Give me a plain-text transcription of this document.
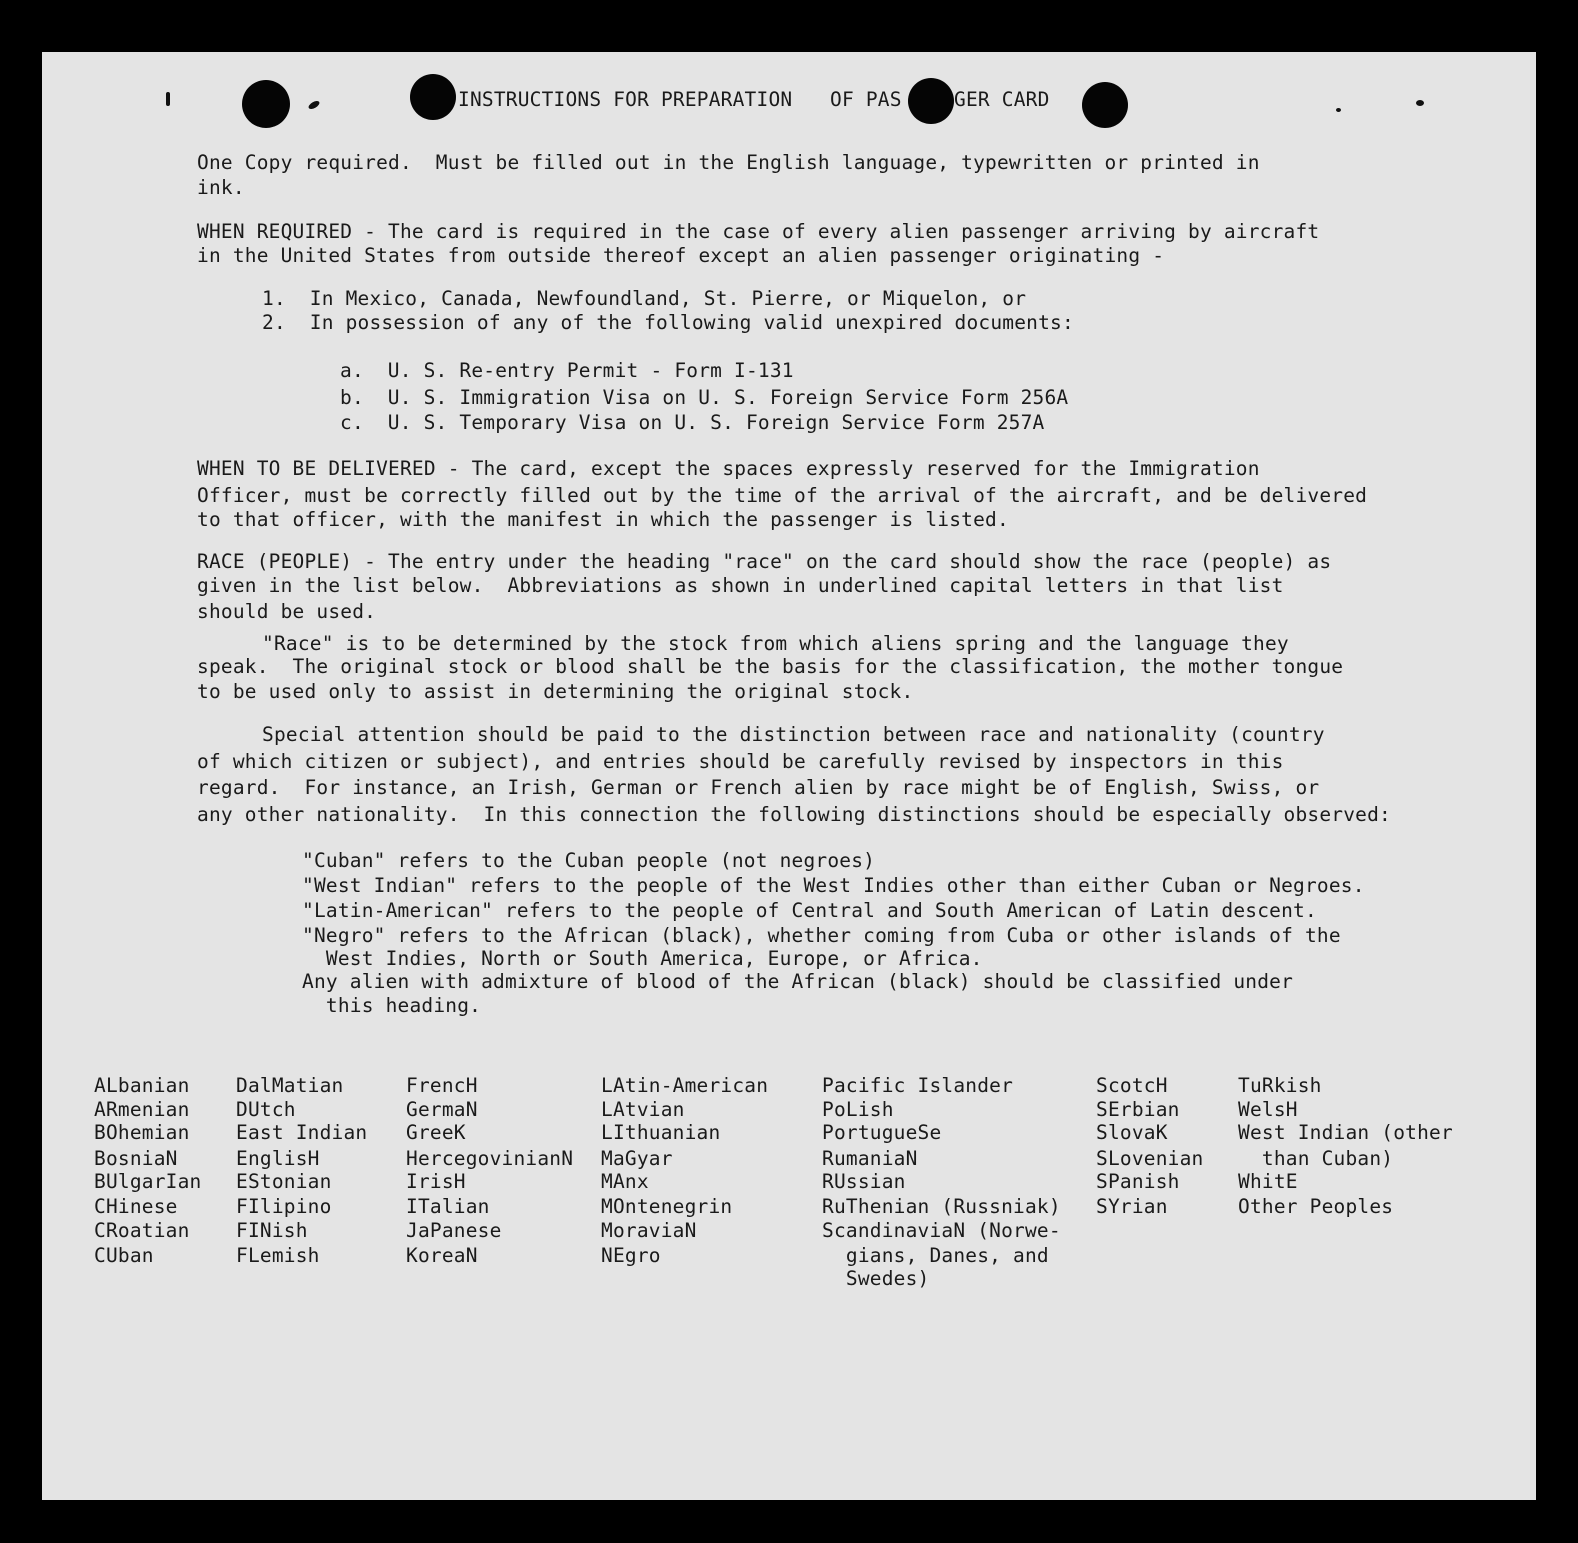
INSTRUCTIONS FOR PREPARATION OF PAS	GER CARD
One Copy required.  Must be filled out in the English language, typewritten or printed in
ink.
WHEN REQUIRED - The card is required in the case of every alien passenger arriving by aircraft
in the United States from outside thereof except an alien passenger originating -
1.  In Mexico, Canada, Newfoundland, St. Pierre, or Miquelon, or
2.  In possession of any of the following valid unexpired documents:
a.  U. S. Re-entry Permit - Form I-131
b.  U. S. Immigration Visa on U. S. Foreign Service Form 256A
c.  U. S. Temporary Visa on U. S. Foreign Service Form 257A
WHEN TO BE DELIVERED - The card, except the spaces expressly reserved for the Immigration
Officer, must be correctly filled out by the time of the arrival of the aircraft, and be delivered
to that officer, with the manifest in which the passenger is listed.
RACE (PEOPLE) - The entry under the heading "race" on the card should show the race (people) as
given in the list below.  Abbreviations as shown in underlined capital letters in that list
should be used.
"Race" is to be determined by the stock from which aliens spring and the language they
speak.  The original stock or blood shall be the basis for the classification, the mother tongue
to be used only to assist in determining the original stock.
Special attention should be paid to the distinction between race and nationality (country
of which citizen or subject), and entries should be carefully revised by inspectors in this
regard.  For instance, an Irish, German or French alien by race might be of English, Swiss, or
any other nationality.  In this connection the following distinctions should be especially observed:
"Cuban" refers to the Cuban people (not negroes)
"West Indian" refers to the people of the West Indies other than either Cuban or Negroes.
"Latin-American" refers to the people of Central and South American of Latin descent.
"Negro" refers to the African (black), whether coming from Cuba or other islands of the
West Indies, North or South America, Europe, or Africa.
Any alien with admixture of blood of the African (black) should be classified under
this heading.
ALbanian
ARmenian
BOhemian
BosniaN
BUlgarIan
CHinese
CRoatian
CUban
DalMatian
DUtch
East Indian
EnglisH
EStonian
FIlipino
FINish
FLemish
FrencH
GermaN
GreeK
HercegovinianN
IrisH
ITalian
JaPanese
KoreaN
LAtin-American
LAtvian
LIthuanian
MaGyar
MAnx
MOntenegrin
MoraviaN
NEgro
Pacific Islander
PoLish
PortugueSe
RumaniaN
RUssian
RuThenian (Russniak)
ScandinaviaN (Norwe-
gians, Danes, and
Swedes)
ScotcH
SErbian
SlovaK
SLovenian
SPanish
SYrian
TuRkish
WelsH
West Indian (other
than Cuban)
WhitE
Other Peoples
